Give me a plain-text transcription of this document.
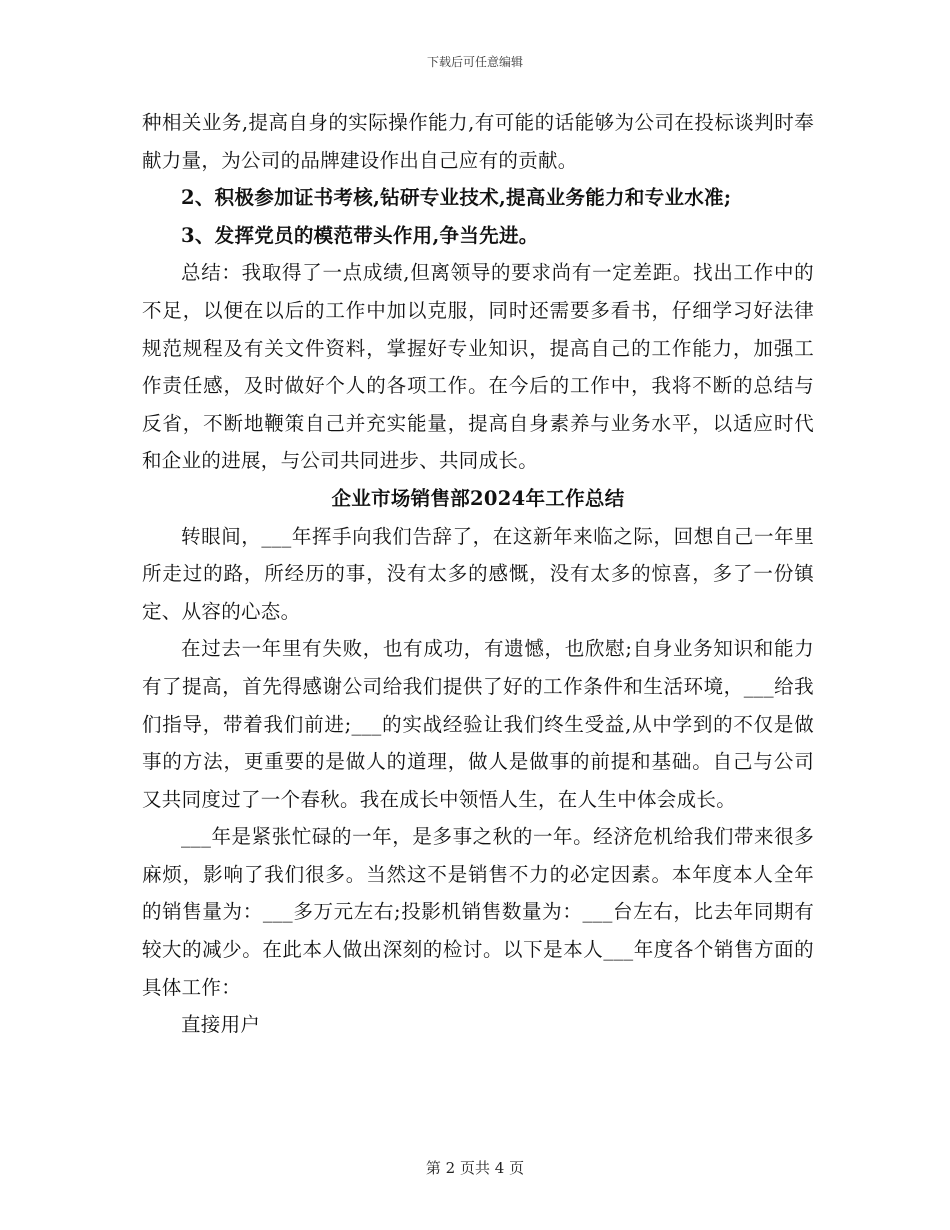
下载后可任意编辑

种相关业务,提高自身的实际操作能力,有可能的话能够为公司在投标谈判时奉献力量，为公司的品牌建设作出自己应有的贡献。

2、积极参加证书考核,钻研专业技术,提高业务能力和专业水准;

3、发挥党员的模范带头作用,争当先进。

总结：我取得了一点成绩,但离领导的要求尚有一定差距。找出工作中的不足，以便在以后的工作中加以克服，同时还需要多看书，仔细学习好法律规范规程及有关文件资料，掌握好专业知识，提高自己的工作能力，加强工作责任感，及时做好个人的各项工作。在今后的工作中，我将不断的总结与反省，不断地鞭策自己并充实能量，提高自身素养与业务水平，以适应时代和企业的进展，与公司共同进步、共同成长。

企业市场销售部2024年工作总结

转眼间，___年挥手向我们告辞了，在这新年来临之际，回想自己一年里所走过的路，所经历的事，没有太多的感慨，没有太多的惊喜，多了一份镇定、从容的心态。

在过去一年里有失败，也有成功，有遗憾，也欣慰;自身业务知识和能力有了提高，首先得感谢公司给我们提供了好的工作条件和生活环境，___给我们指导，带着我们前进;___的实战经验让我们终生受益,从中学到的不仅是做事的方法，更重要的是做人的道理，做人是做事的前提和基础。自己与公司又共同度过了一个春秋。我在成长中领悟人生，在人生中体会成长。

___年是紧张忙碌的一年，是多事之秋的一年。经济危机给我们带来很多麻烦，影响了我们很多。当然这不是销售不力的必定因素。本年度本人全年的销售量为：___多万元左右;投影机销售数量为：___台左右，比去年同期有较大的减少。在此本人做出深刻的检讨。以下是本人___年度各个销售方面的具体工作：

直接用户

第 2 页共 4 页
